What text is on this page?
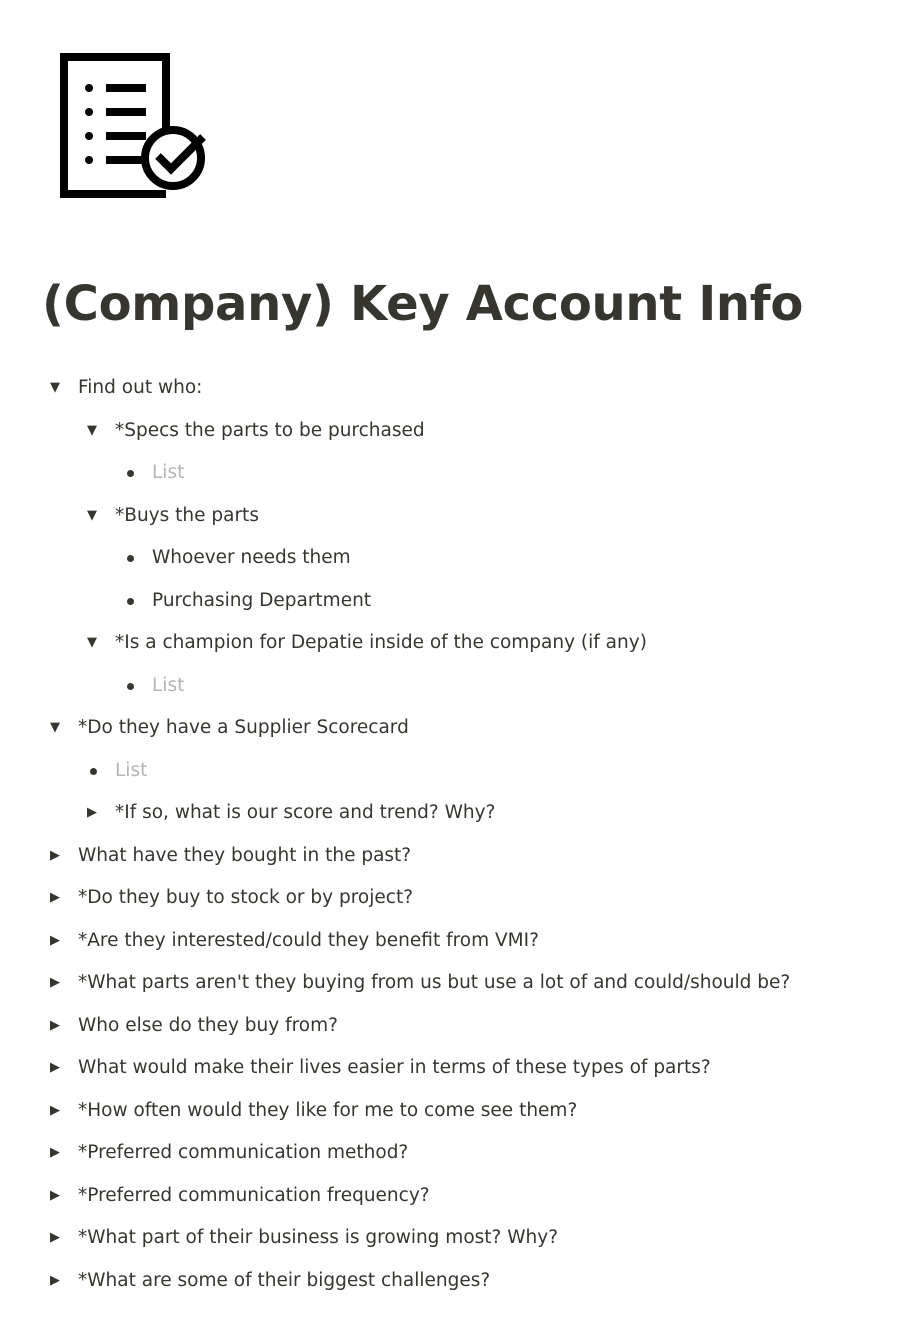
(Company) Key Account Info
▼ Find out who:
▼ *Specs the parts to be purchased
List
▼ *Buys the parts
Whoever needs them
Purchasing Department
▼ *Is a champion for Depatie inside of the company (if any)
List
▼ *Do they have a Supplier Scorecard
List
▶ *If so, what is our score and trend? Why?
▶ What have they bought in the past?
▶ *Do they buy to stock or by project?
▶ *Are they interested/could they benefit from VMI?
▶ *What parts aren't they buying from us but use a lot of and could/should be?
▶ Who else do they buy from?
▶ What would make their lives easier in terms of these types of parts?
▶ *How often would they like for me to come see them?
▶ *Preferred communication method?
▶ *Preferred communication frequency?
▶ *What part of their business is growing most? Why?
▶ *What are some of their biggest challenges?
